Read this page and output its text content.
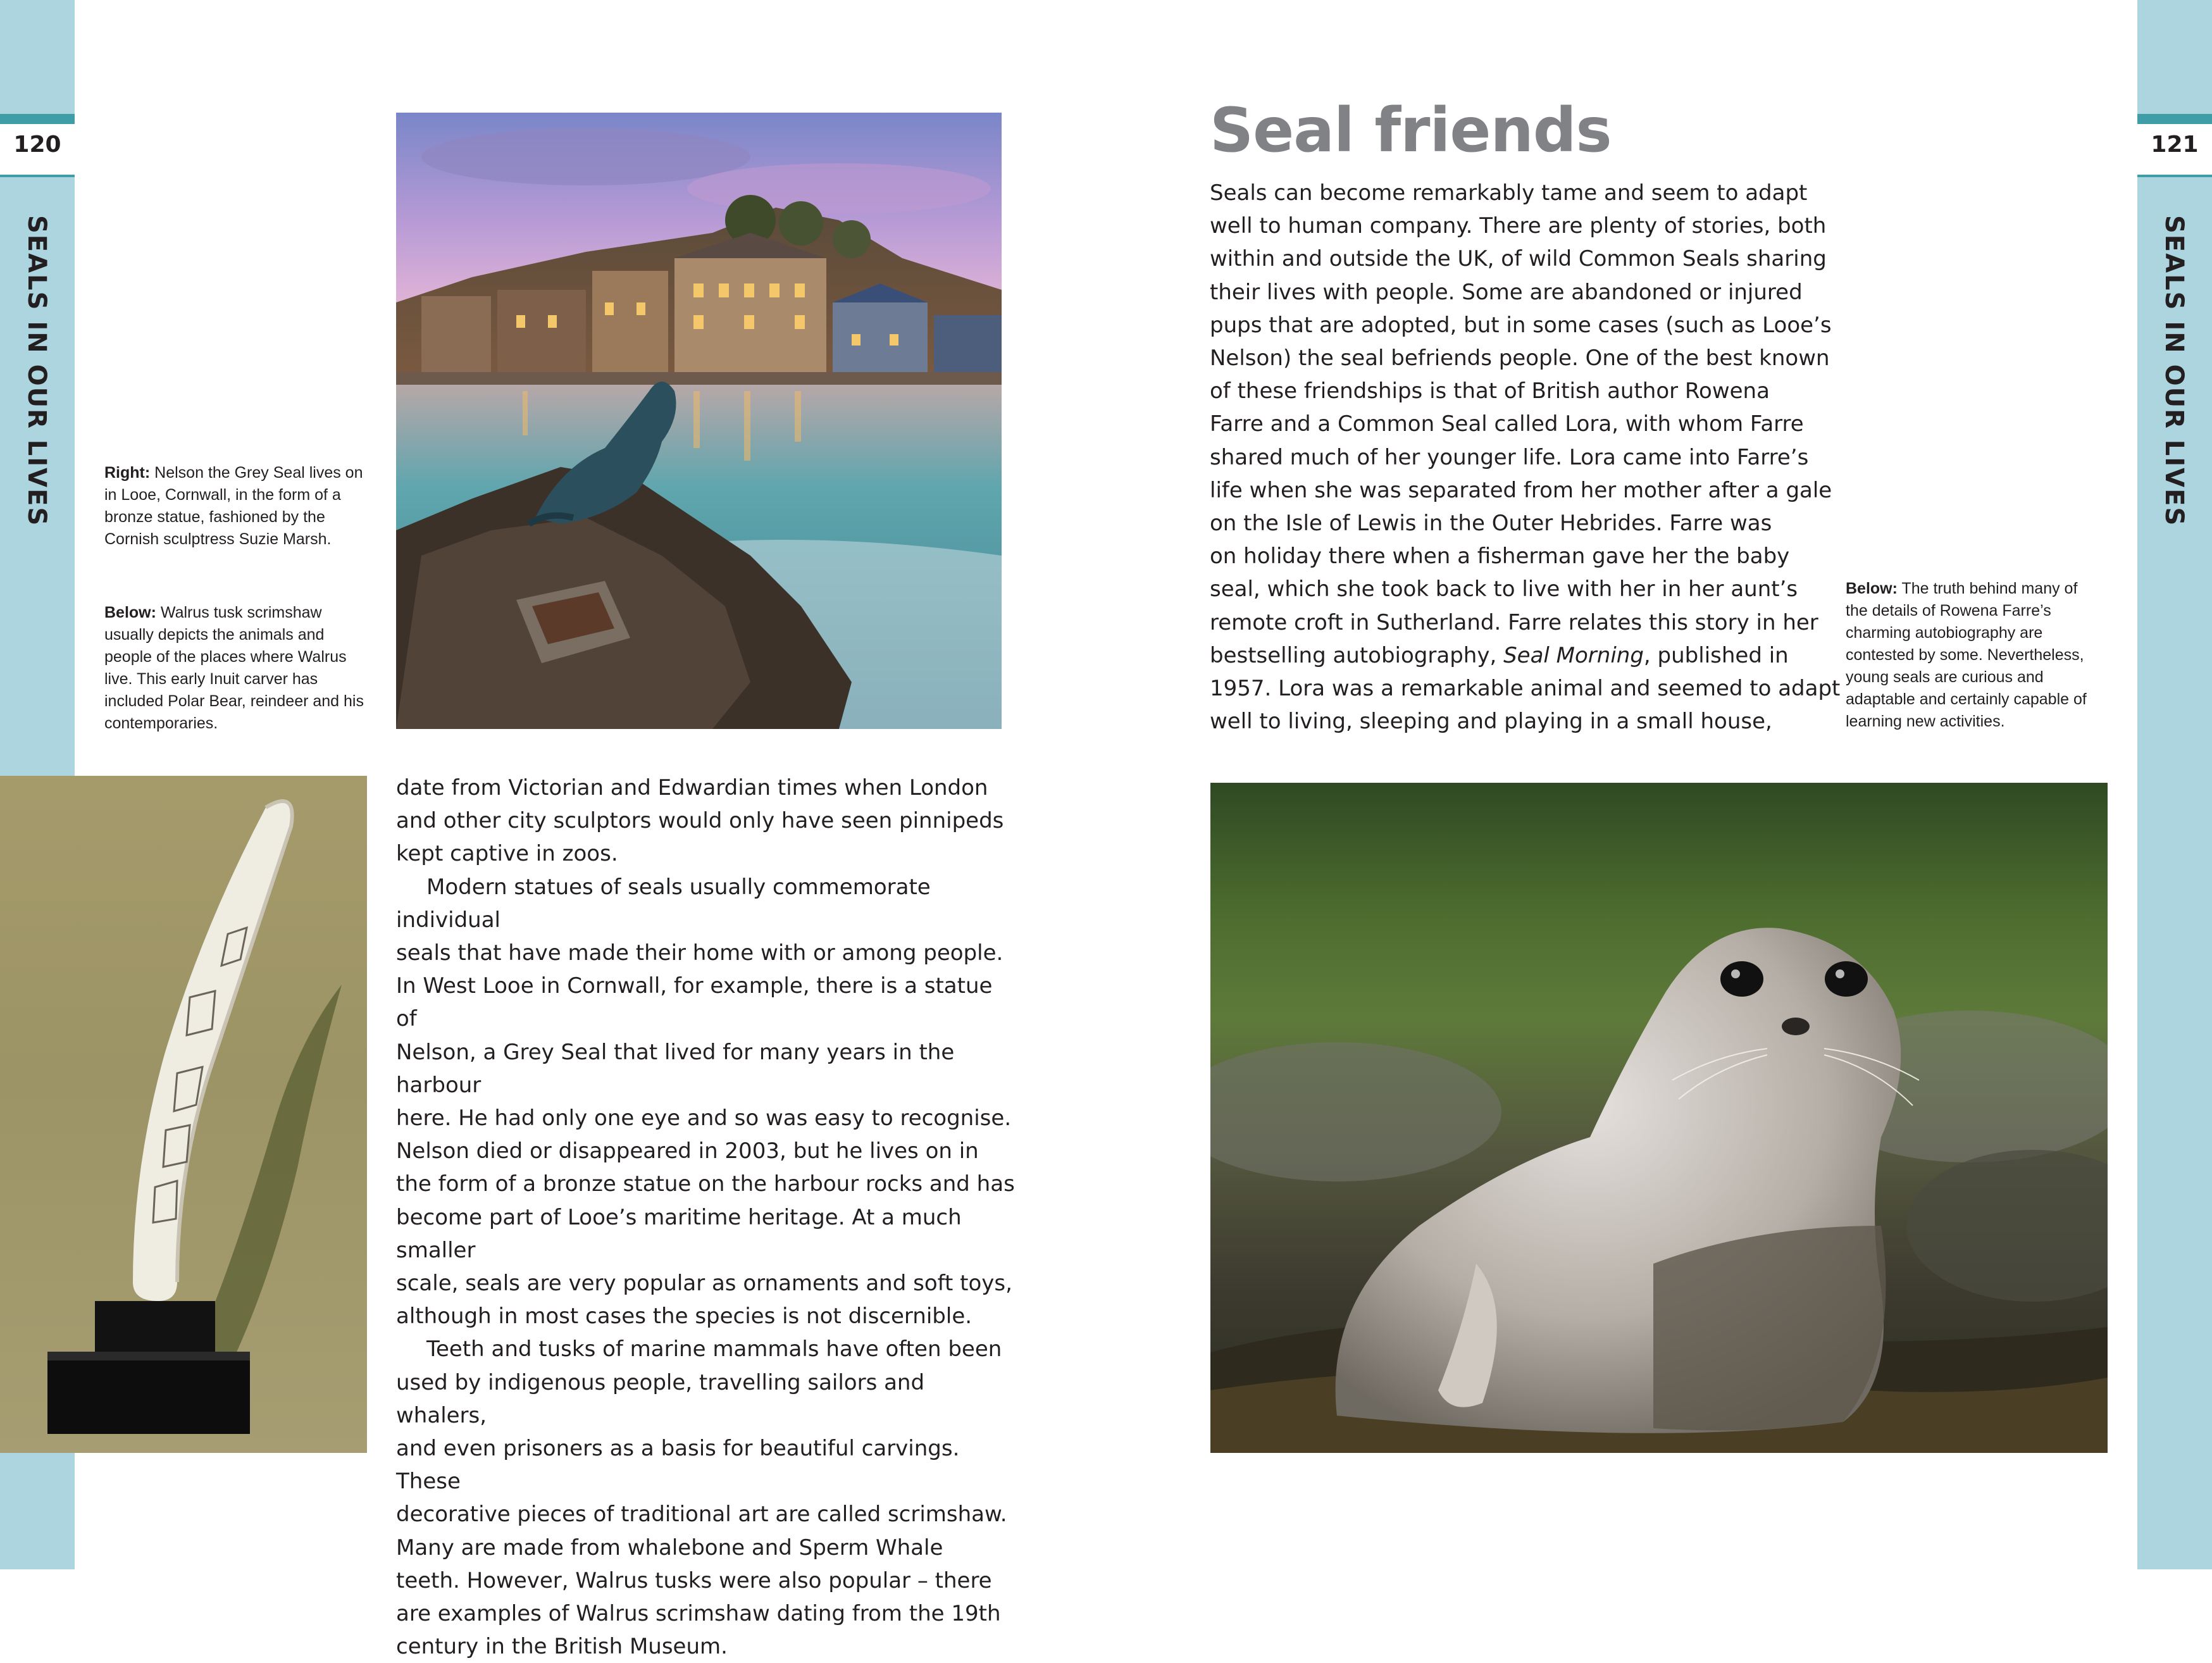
120
SEALS IN OUR LIVES
121
SEALS IN OUR LIVES
Right: Nelson the Grey Seal lives on in Looe, Cornwall, in the form of a bronze statue, fashioned by the Cornish sculptress Suzie Marsh.
Below: Walrus tusk scrimshaw usually depicts the animals and people of the places where Walrus live. This early Inuit carver has included Polar Bear, reindeer and his contemporaries.

date from Victorian and Edwardian times when London

and other city sculptors would only have seen pinnipeds

kept captive in zoos.

Modern statues of seals usually commemorate individual

seals that have made their home with or among people.

In West Looe in Cornwall, for example, there is a statue of

Nelson, a Grey Seal that lived for many years in the harbour

here. He had only one eye and so was easy to recognise.

Nelson died or disappeared in 2003, but he lives on in

the form of a bronze statue on the harbour rocks and has

become part of Looe’s maritime heritage. At a much smaller

scale, seals are very popular as ornaments and soft toys,

although in most cases the species is not discernible.

Teeth and tusks of marine mammals have often been

used by indigenous people, travelling sailors and whalers,

and even prisoners as a basis for beautiful carvings. These

decorative pieces of traditional art are called scrimshaw.

Many are made from whalebone and Sperm Whale

teeth. However, Walrus tusks were also popular – there

are examples of Walrus scrimshaw dating from the 19th

century in the British Museum.

Seal friends

Seals can become remarkably tame and seem to adapt

well to human company. There are plenty of stories, both

within and outside the UK, of wild Common Seals sharing

their lives with people. Some are abandoned or injured

pups that are adopted, but in some cases (such as Looe’s

Nelson) the seal befriends people. One of the best known

of these friendships is that of British author Rowena

Farre and a Common Seal called Lora, with whom Farre

shared much of her younger life. Lora came into Farre’s

life when she was separated from her mother after a gale

on the Isle of Lewis in the Outer Hebrides. Farre was

on holiday there when a fisherman gave her the baby

seal, which she took back to live with her in her aunt’s

remote croft in Sutherland. Farre relates this story in her

bestselling autobiography, Seal Morning, published in

1957. Lora was a remarkable animal and seemed to adapt

well to living, sleeping and playing in a small house,

Below: The truth behind many of the details of Rowena Farre’s charming autobiography are contested by some. Nevertheless, young seals are curious and adaptable and certainly capable of learning new activities.
